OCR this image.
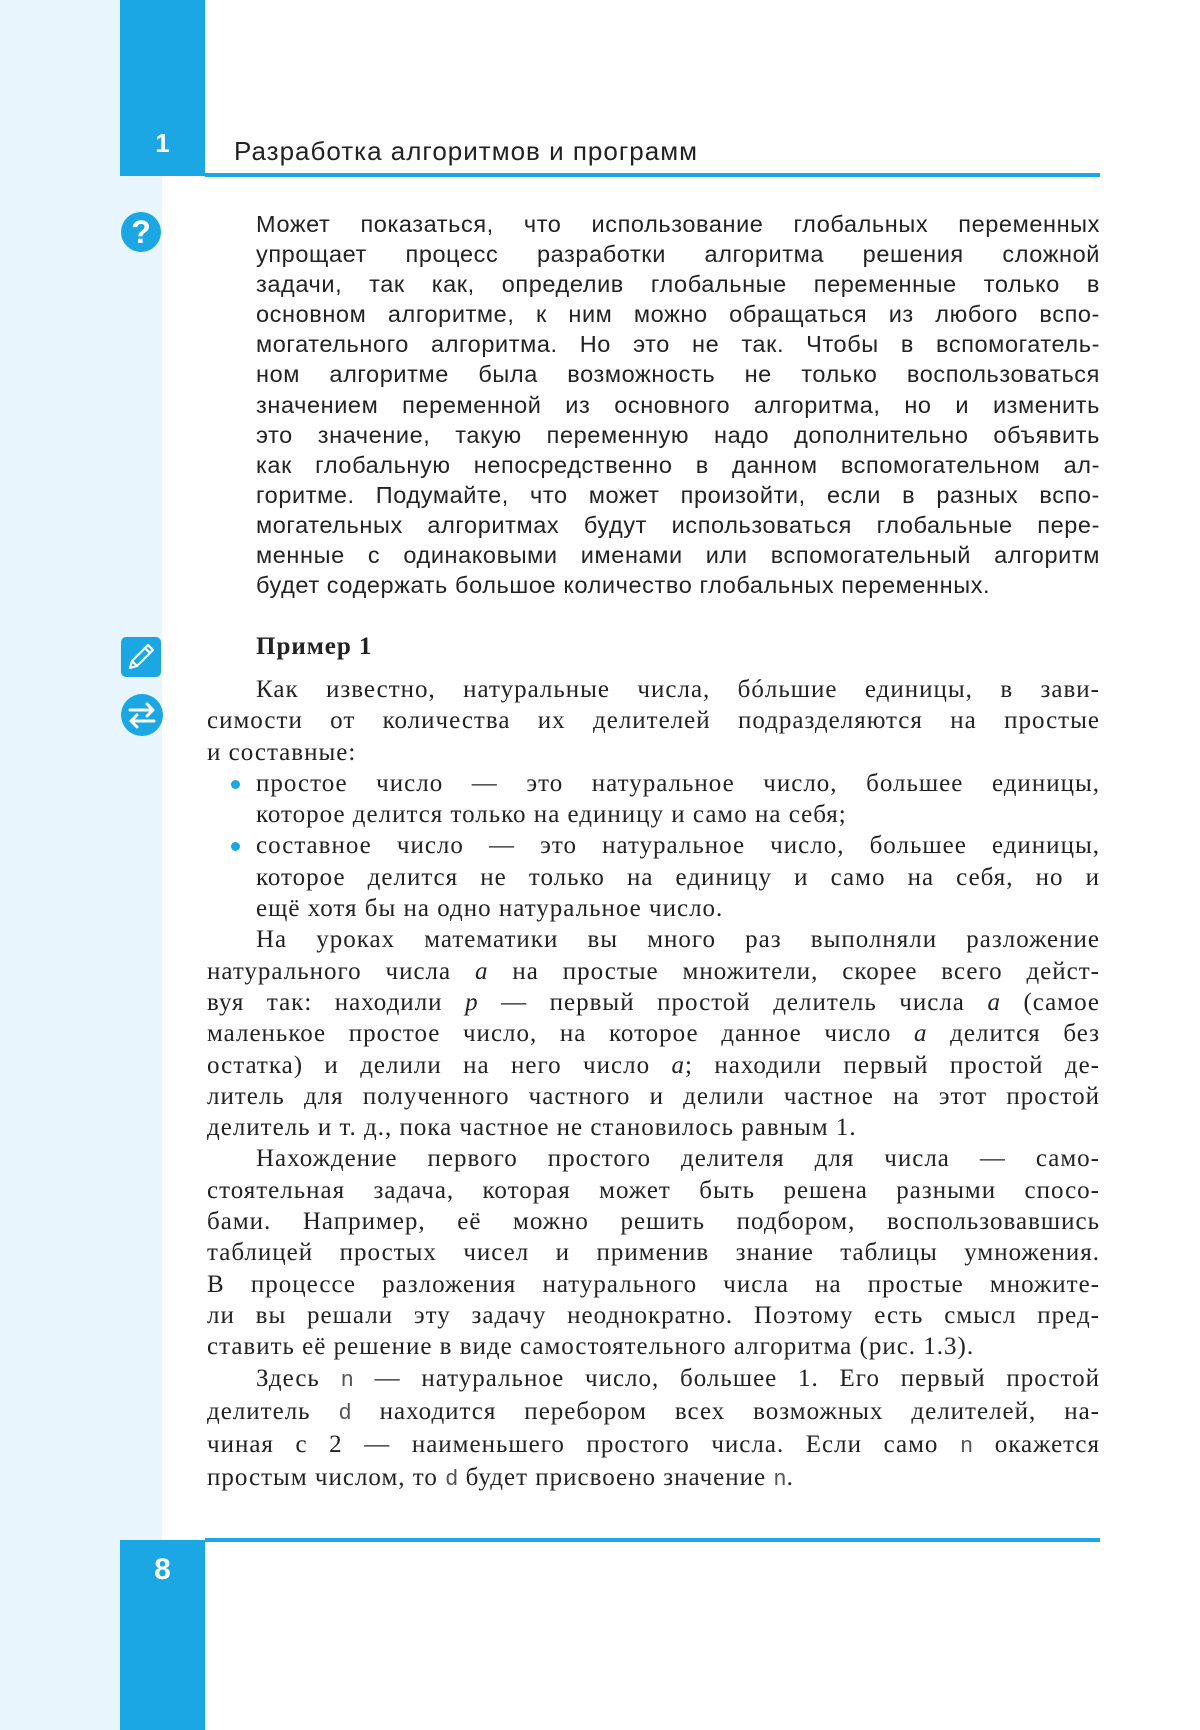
1	Разработка алгоритмов и программ
8
?	Может показаться, что использование глобальных переменных
упрощает процесс разработки алгоритма решения сложной
задачи, так как, определив глобальные переменные только в
основном алгоритме, к ним можно обращаться из любого вспо-
могательного алгоритма. Но это не так. Чтобы в вспомогатель-
ном алгоритме была возможность не только воспользоваться
значением переменной из основного алгоритма, но и изменить
это значение, такую переменную надо дополнительно объявить
как глобальную непосредственно в данном вспомогательном ал-
горитме. Подумайте, что может произойти, если в разных вспо-
могательных алгоритмах будут использоваться глобальные пере-
менные с одинаковыми именами или вспомогательный алгоритм
будет содержать большое количество глобальных переменных.
Пример 1
Как известно, натуральные числа, бóльшие единицы, в зави-
симости от количества их делителей подразделяются на простые
и составные:
простое число — это натуральное число, большее единицы,
которое делится только на единицу и само на себя;
составное число — это натуральное число, большее единицы,
которое делится не только на единицу и само на себя, но и
ещё хотя бы на одно натуральное число.
На уроках математики вы много раз выполняли разложение
натурального числа a на простые множители, скорее всего дейст-
вуя так: находили p — первый простой делитель числа a (самое
маленькое простое число, на которое данное число a делится без
остатка) и делили на него число a; находили первый простой де-
литель для полученного частного и делили частное на этот простой
делитель и т. д., пока частное не становилось равным 1.
Нахождение первого простого делителя для числа — само-
стоятельная задача, которая может быть решена разными спосо-
бами. Например, её можно решить подбором, воспользовавшись
таблицей простых чисел и применив знание таблицы умножения.
В процессе разложения натурального числа на простые множите-
ли вы решали эту задачу неоднократно. Поэтому есть смысл пред-
ставить её решение в виде самостоятельного алгоритма (рис. 1.3).
Здесь n — натуральное число, большее 1. Его первый простой
делитель d находится перебором всех возможных делителей, на-
чиная с 2 — наименьшего простого числа. Если само n окажется
простым числом, то d будет присвоено значение n.
